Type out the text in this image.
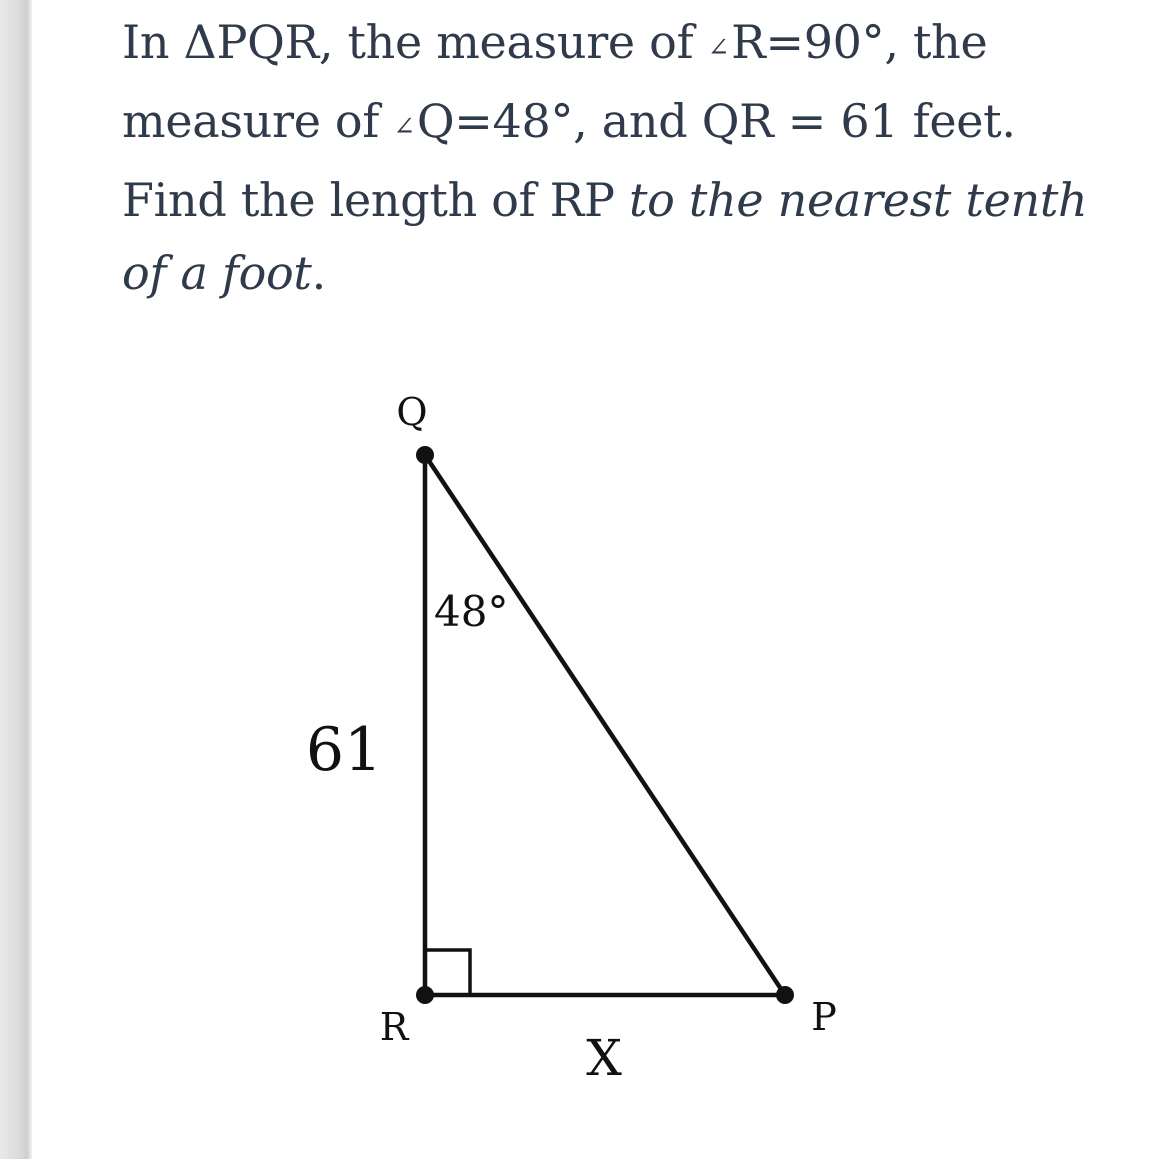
In ΔPQR, the measure of ∠R=90°, the
measure of ∠Q=48°, and QR = 61 feet.
Find the length of RP to the nearest tenth
of a foot.

Q
R	P
48°
61
X
